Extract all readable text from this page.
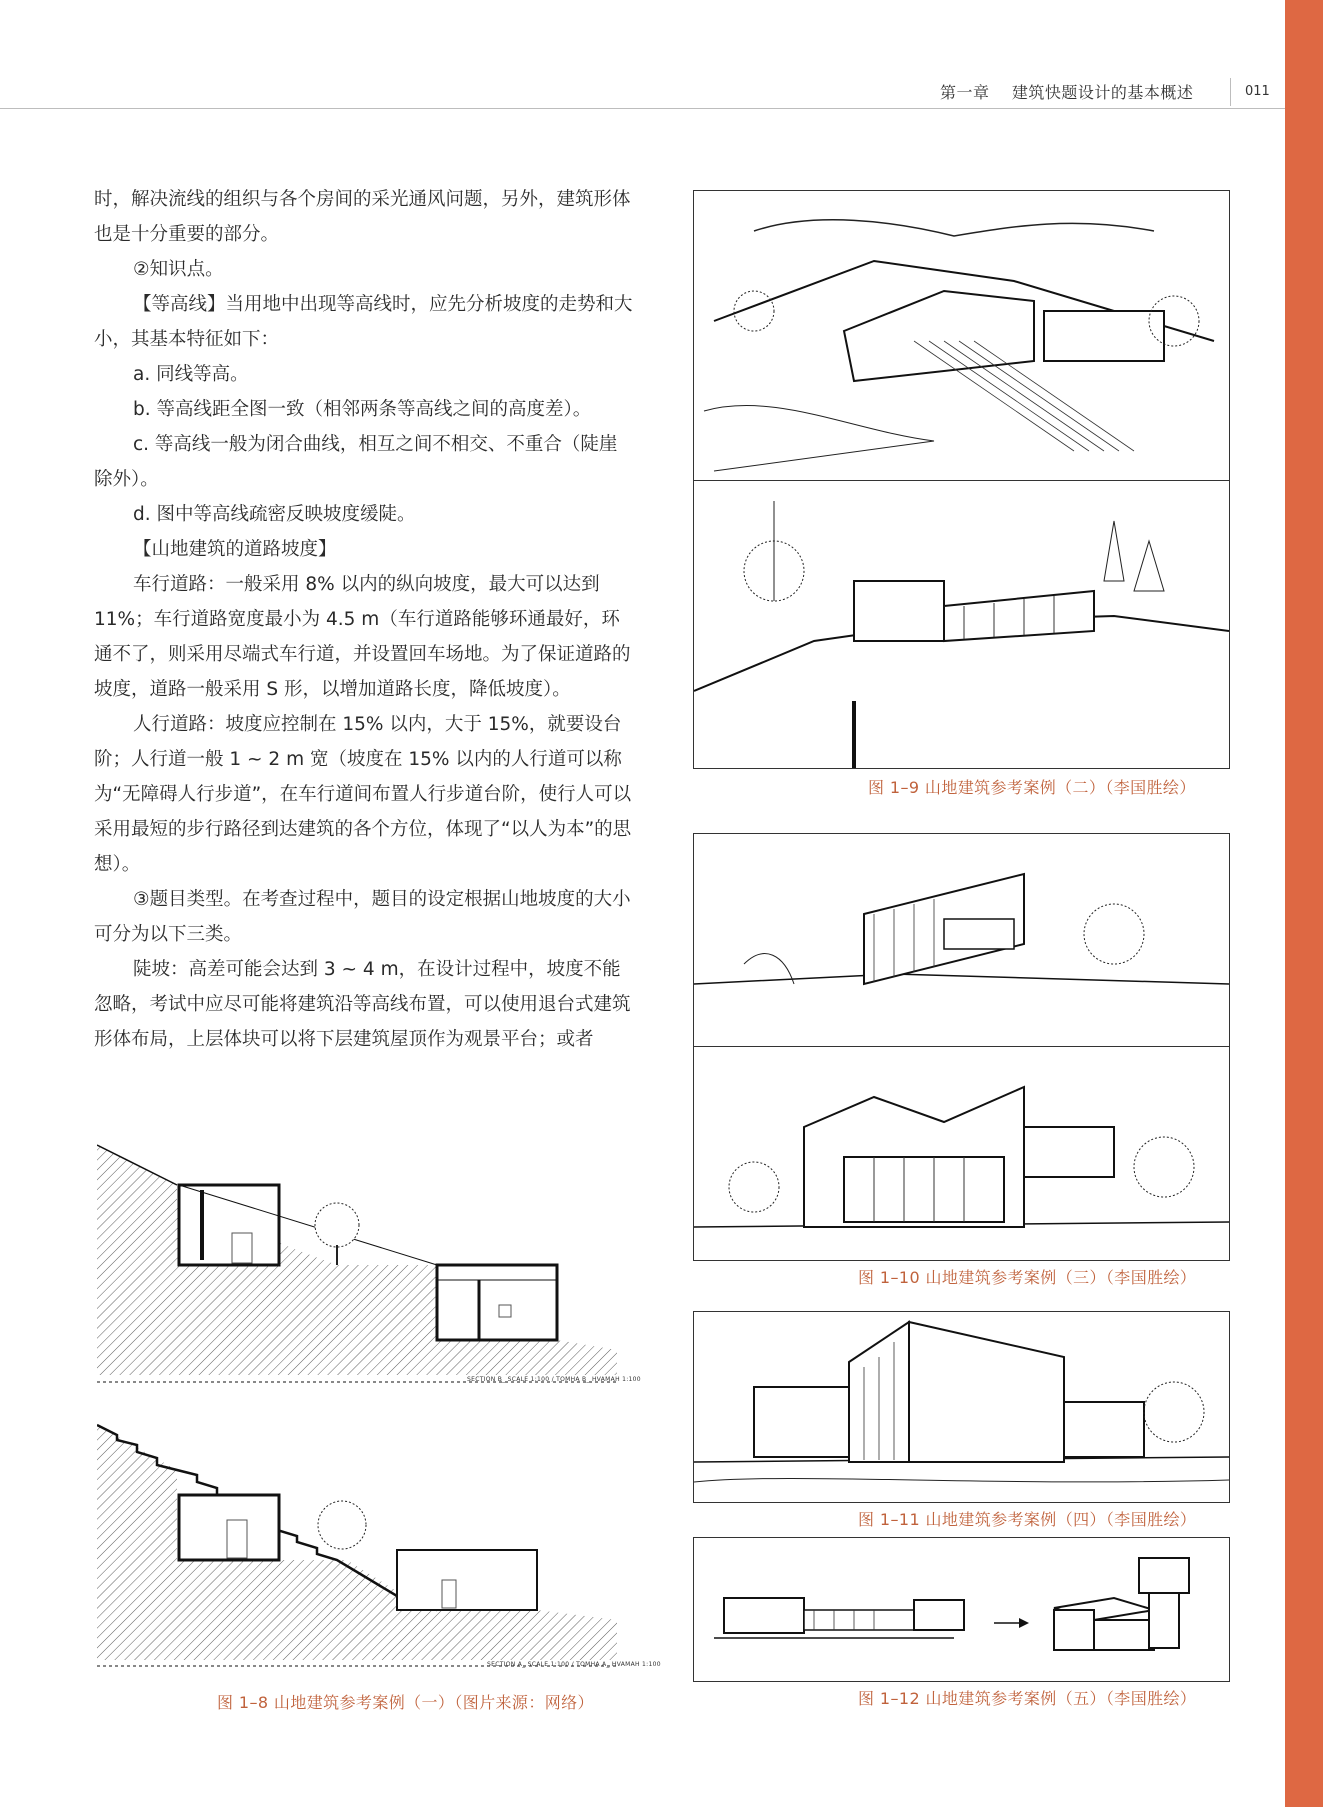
第一章 建筑快题设计的基本概述	011

时，解决流线的组织与各个房间的采光通风问题，另外，建筑形体也是十分重要的部分。

②知识点。

【等高线】当用地中出现等高线时，应先分析坡度的走势和大小，其基本特征如下：

a. 同线等高。

b. 等高线距全图一致（相邻两条等高线之间的高度差）。

c. 等高线一般为闭合曲线，相互之间不相交、不重合（陡崖除外）。

d. 图中等高线疏密反映坡度缓陡。

【山地建筑的道路坡度】

车行道路：一般采用 8% 以内的纵向坡度，最大可以达到 11%；车行道路宽度最小为 4.5 m（车行道路能够环通最好，环通不了，则采用尽端式车行道，并设置回车场地。为了保证道路的坡度，道路一般采用 S 形，以增加道路长度，降低坡度）。

人行道路：坡度应控制在 15% 以内，大于 15%，就要设台阶；人行道一般 1 ~ 2 m 宽（坡度在 15% 以内的人行道可以称为“无障碍人行步道”，在车行道间布置人行步道台阶，使行人可以采用最短的步行路径到达建筑的各个方位，体现了“以人为本”的思想）。

③题目类型。在考查过程中，题目的设定根据山地坡度的大小可分为以下三类。

陡坡：高差可能会达到 3 ~ 4 m，在设计过程中，坡度不能忽略，考试中应尽可能将建筑沿等高线布置，可以使用退台式建筑形体布局，上层体块可以将下层建筑屋顶作为观景平台；或者

SECTION B_ SCALE 1:100 / TOMHA B_ HVAMAH 1:100
SECTION A_ SCALE 1:100 / TOMHA A_ HVAMAH 1:100
图 1–8 山地建筑参考案例（一）（图片来源：网络）
图 1–9 山地建筑参考案例（二）（李国胜绘）
图 1–10 山地建筑参考案例（三）（李国胜绘）
图 1–11 山地建筑参考案例（四）（李国胜绘）
图 1–12 山地建筑参考案例（五）（李国胜绘）
